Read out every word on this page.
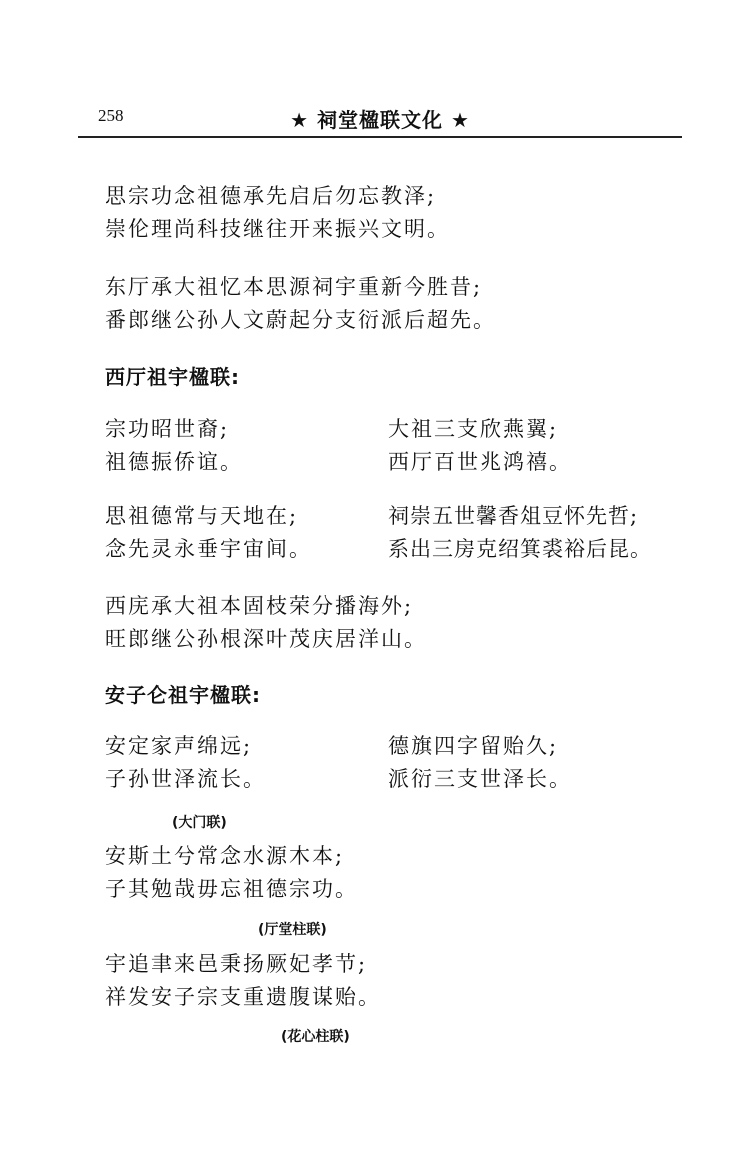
258	★ 祠堂楹联文化 ★
思宗功念祖德承先启后勿忘教泽;
崇伦理尚科技继往开来振兴文明。
东厅承大祖忆本思源祠宇重新今胜昔;
番郎继公孙人文蔚起分支衍派后超先。
西厅祖宇楹联:
宗功昭世裔;
祖德振侨谊。
大祖三支欣燕翼;
西厅百世兆鸿禧。
思祖德常与天地在;
念先灵永垂宇宙间。
祠崇五世馨香俎豆怀先哲;
系出三房克绍箕裘裕后昆。
西庑承大祖本固枝荣分播海外;
旺郎继公孙根深叶茂庆居洋山。
安子仑祖宇楹联:
安定家声绵远;
子孙世泽流长。
德旗四字留贻久;
派衍三支世泽长。
(大门联)
安斯土兮常念水源木本;
子其勉哉毋忘祖德宗功。
(厅堂柱联)
宇追聿来邑秉扬厥妃孝节;
祥发安子宗支重遗腹谋贻。
(花心柱联)
